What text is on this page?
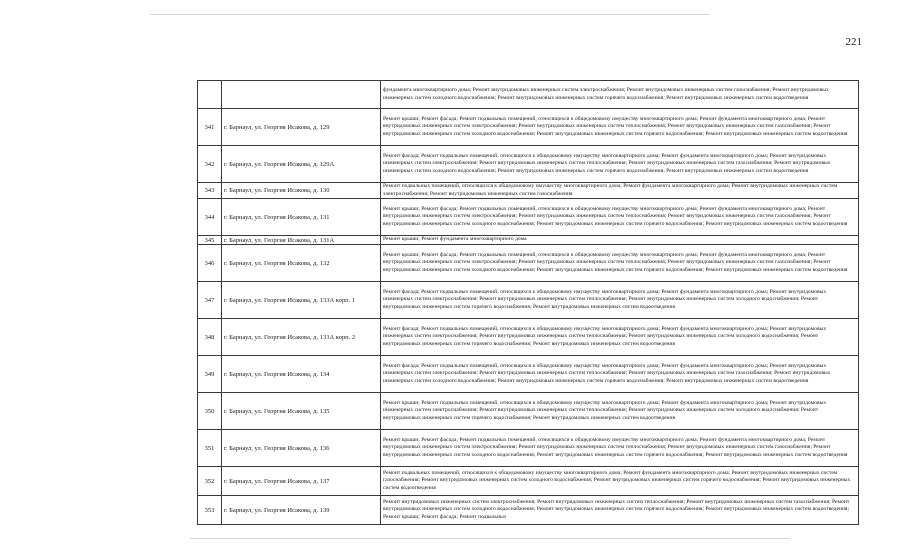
221
		фундамента многоквартирного дома; Ремонт внутридомовых инженерных систем электроснабжения; Ремонт внутридомовых инженерных систем газоснабжения; Ремонт внутридомовых инженерных систем холодного водоснабжения; Ремонт внутридомовых инженерных систем горячего водоснабжения; Ремонт внутридомовых инженерных систем водоотведения
341	г. Барнаул, ул. Георгия Исакова, д. 129	Ремонт крыши; Ремонт фасада; Ремонт подвальных помещений, относящихся к общедомовому имуществу многоквартирного дома; Ремонт фундамента многоквартирного дома; Ремонт внутридомовых инженерных систем электроснабжения; Ремонт внутридомовых инженерных систем теплоснабжения; Ремонт внутридомовых инженерных систем газоснабжения; Ремонт внутридомовых инженерных систем холодного водоснабжения; Ремонт внутридомовых инженерных систем горячего водоснабжения; Ремонт внутридомовых инженерных систем водоотведения
342	г. Барнаул, ул. Георгия Исакова, д. 129А	Ремонт фасада; Ремонт подвальных помещений, относящихся к общедомовому имуществу многоквартирного дома; Ремонт фундамента многоквартирного дома; Ремонт внутридомовых инженерных систем электроснабжения; Ремонт внутридомовых инженерных систем теплоснабжения; Ремонт внутридомовых инженерных систем газоснабжения; Ремонт внутридомовых инженерных систем холодного водоснабжения; Ремонт внутридомовых инженерных систем горячего водоснабжения; Ремонт внутридомовых инженерных систем водоотведения
343	г. Барнаул, ул. Георгия Исакова, д. 130	Ремонт подвальных помещений, относящихся к общедомовому имуществу многоквартирного дома; Ремонт фундамента многоквартирного дома; Ремонт внутридомовых инженерных систем электроснабжения; Ремонт внутридомовых инженерных систем газоснабжения
344	г. Барнаул, ул. Георгия Исакова, д. 131	Ремонт крыши; Ремонт фасада; Ремонт подвальных помещений, относящихся к общедомовому имуществу многоквартирного дома; Ремонт фундамента многоквартирного дома; Ремонт внутридомовых инженерных систем электроснабжения; Ремонт внутридомовых инженерных систем теплоснабжения; Ремонт внутридомовых инженерных систем газоснабжения; Ремонт внутридомовых инженерных систем холодного водоснабжения; Ремонт внутридомовых инженерных систем горячего водоснабжения; Ремонт внутридомовых инженерных систем водоотведения
345	г. Барнаул, ул. Георгия Исакова, д. 131А	Ремонт крыши; Ремонт фундамента многоквартирного дома
346	г. Барнаул, ул. Георгия Исакова, д. 132	Ремонт крыши; Ремонт фасада; Ремонт подвальных помещений, относящихся к общедомовому имуществу многоквартирного дома; Ремонт фундамента многоквартирного дома; Ремонт внутридомовых инженерных систем электроснабжения; Ремонт внутридомовых инженерных систем теплоснабжения; Ремонт внутридомовых инженерных систем газоснабжения; Ремонт внутридомовых инженерных систем холодного водоснабжения; Ремонт внутридомовых инженерных систем горячего водоснабжения; Ремонт внутридомовых инженерных систем водоотведения
347	г. Барнаул, ул. Георгия Исакова, д. 133А корп. 1	Ремонт фасада; Ремонт подвальных помещений, относящихся к общедомовому имуществу многоквартирного дома; Ремонт фундамента многоквартирного дома; Ремонт внутридомовых инженерных систем электроснабжения; Ремонт внутридомовых инженерных систем теплоснабжения; Ремонт внутридомовых инженерных систем холодного водоснабжения; Ремонт внутридомовых инженерных систем горячего водоснабжения; Ремонт внутридомовых инженерных систем водоотведения
348	г. Барнаул, ул. Георгия Исакова, д. 133А корп. 2	Ремонт фасада; Ремонт подвальных помещений, относящихся к общедомовому имуществу многоквартирного дома; Ремонт фундамента многоквартирного дома; Ремонт внутридомовых инженерных систем электроснабжения; Ремонт внутридомовых инженерных систем теплоснабжения; Ремонт внутридомовых инженерных систем холодного водоснабжения; Ремонт внутридомовых инженерных систем горячего водоснабжения; Ремонт внутридомовых инженерных систем водоотведения
349	г. Барнаул, ул. Георгия Исакова, д. 134	Ремонт фасада; Ремонт подвальных помещений, относящихся к общедомовому имуществу многоквартирного дома; Ремонт фундамента многоквартирного дома; Ремонт внутридомовых инженерных систем электроснабжения; Ремонт внутридомовых инженерных систем теплоснабжения; Ремонт внутридомовых инженерных систем газоснабжения; Ремонт внутридомовых инженерных систем холодного водоснабжения; Ремонт внутридомовых инженерных систем горячего водоснабжения; Ремонт внутридомовых инженерных систем водоотведения
350	г. Барнаул, ул. Георгия Исакова, д. 135	Ремонт крыши; Ремонт подвальных помещений, относящихся к общедомовому имуществу многоквартирного дома; Ремонт фундамента многоквартирного дома; Ремонт внутридомовых инженерных систем электроснабжения; Ремонт внутридомовых инженерных систем теплоснабжения; Ремонт внутридомовых инженерных систем холодного водоснабжения; Ремонт внутридомовых инженерных систем горячего водоснабжения; Ремонт внутридомовых инженерных систем водоотведения
351	г. Барнаул, ул. Георгия Исакова, д. 136	Ремонт крыши; Ремонт фасада; Ремонт подвальных помещений, относящихся к общедомовому имуществу многоквартирного дома; Ремонт фундамента многоквартирного дома; Ремонт внутридомовых инженерных систем электроснабжения; Ремонт внутридомовых инженерных систем теплоснабжения; Ремонт внутридомовых инженерных систем газоснабжения; Ремонт внутридомовых инженерных систем холодного водоснабжения; Ремонт внутридомовых инженерных систем горячего водоснабжения; Ремонт внутридомовых инженерных систем водоотведения
352	г. Барнаул, ул. Георгия Исакова, д. 137	Ремонт подвальных помещений, относящихся к общедомовому имуществу многоквартирного дома; Ремонт фундамента многоквартирного дома; Ремонт внутридомовых инженерных систем газоснабжения; Ремонт внутридомовых инженерных систем холодного водоснабжения; Ремонт внутридомовых инженерных систем горячего водоснабжения; Ремонт внутридомовых инженерных систем водоотведения
353	г. Барнаул, ул. Георгия Исакова, д. 139	Ремонт внутридомовых инженерных систем электроснабжения; Ремонт внутридомовых инженерных систем теплоснабжения; Ремонт внутридомовых инженерных систем газоснабжения; Ремонт внутридомовых инженерных систем холодного водоснабжения; Ремонт внутридомовых инженерных систем горячего водоснабжения; Ремонт внутридомовых инженерных систем водоотведения; Ремонт крыши; Ремонт фасада; Ремонт подвальных
